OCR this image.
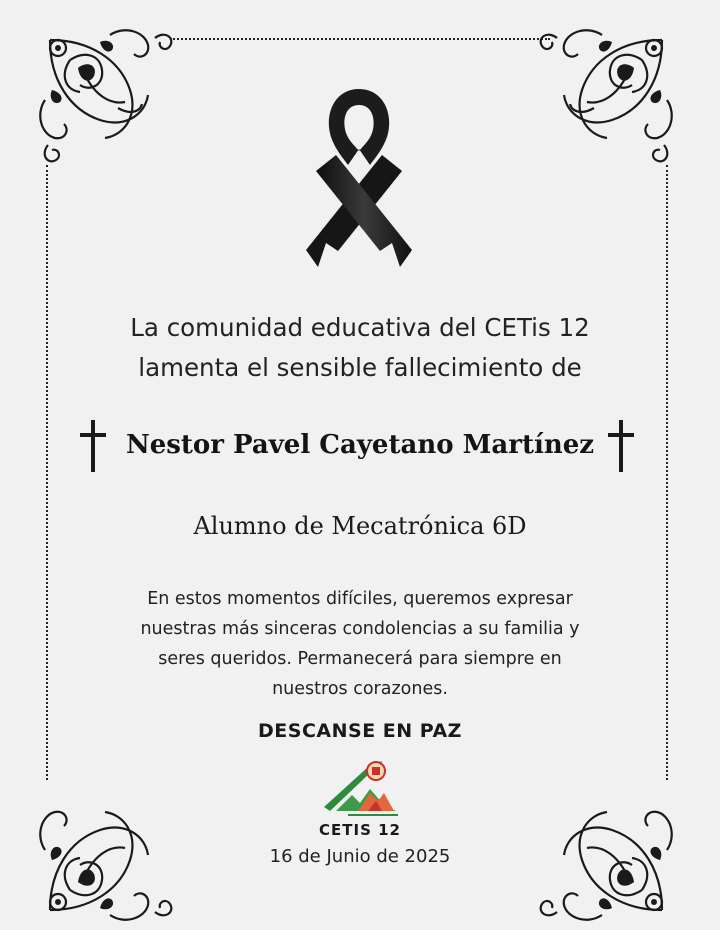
La comunidad educativa del CETis 12
lamenta el sensible fallecimiento de
Nestor Pavel Cayetano Martínez
Alumno de Mecatrónica 6D
En estos momentos difíciles, queremos expresar
nuestras más sinceras condolencias a su familia y
seres queridos. Permanecerá para siempre en
nuestros corazones.
DESCANSE EN PAZ
CETIS 12
16 de Junio de 2025
